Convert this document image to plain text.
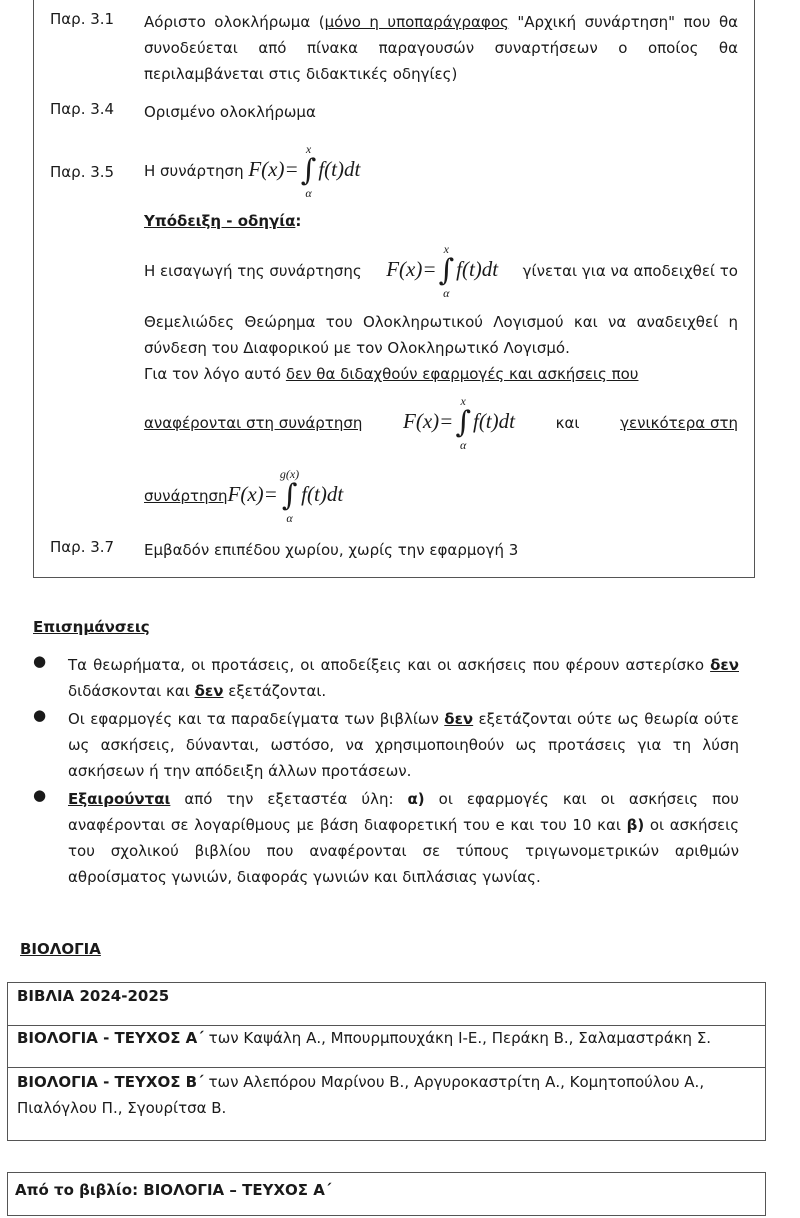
Παρ. 3.1	Αόριστο ολοκλήρωμα (μόνο η υποπαράγραφος "Αρχική συνάρτηση" που θα συνοδεύεται από πίνακα παραγουσών συναρτήσεων ο οποίος θα περιλαμβάνεται στις διδακτικές οδηγίες)
Παρ. 3.4	Ορισμένο ολοκλήρωμα
Παρ. 3.5	Η συνάρτηση
F(x)=
x
∫
α
f(t)dt
Υπόδειξη - οδηγία:
Η εισαγωγή της συνάρτησης F(x)=
x
∫
α
f(t)dt γίνεται για να αποδειχθεί το
Θεμελιώδες Θεώρημα του Ολοκληρωτικού Λογισμού και να αναδειχθεί η σύνδεση του Διαφορικού με τον Ολοκληρωτικό Λογισμό.
Για τον λόγο αυτό δεν θα διδαχθούν εφαρμογές και ασκήσεις που
αναφέρονται στη συνάρτηση F(x)=
x
∫
α
f(t)dt	και	γενικότερα στη
συνάρτηση F(x)=
g(x)
∫
α
f(t)dt
Παρ. 3.7	Εμβαδόν επιπέδου χωρίου, χωρίς την εφαρμογή 3
Επισημάνσεις
● Τα θεωρήματα, οι προτάσεις, οι αποδείξεις και οι ασκήσεις που φέρουν αστερίσκο δεν διδάσκονται και δεν εξετάζονται.
● Οι εφαρμογές και τα παραδείγματα των βιβλίων δεν εξετάζονται ούτε ως θεωρία ούτε ως ασκήσεις, δύνανται, ωστόσο, να χρησιμοποιηθούν ως προτάσεις για τη λύση ασκήσεων ή την απόδειξη άλλων προτάσεων.
● Εξαιρούνται από την εξεταστέα ύλη: α) οι εφαρμογές και οι ασκήσεις που αναφέρονται σε λογαρίθμους με βάση διαφορετική του e και του 10 και β) οι ασκήσεις του σχολικού βιβλίου που αναφέρονται σε τύπους τριγωνομετρικών αριθμών αθροίσματος γωνιών, διαφοράς γωνιών και διπλάσιας γωνίας.
ΒΙΟΛΟΓΙΑ
ΒΙΒΛΙΑ 2024-2025
ΒΙΟΛΟΓΙΑ - ΤΕΥΧΟΣ Α΄ των Καψάλη Α., Μπουρμπουχάκη Ι-Ε., Περάκη Β., Σαλαμαστράκη Σ.
ΒΙΟΛΟΓΙΑ - ΤΕΥΧΟΣ Β΄ των Αλεπόρου Μαρίνου Β., Αργυροκαστρίτη Α., Κομητοπούλου Α., Πιαλόγλου Π., Σγουρίτσα Β.
Από το βιβλίο: ΒΙΟΛΟΓΙΑ – ΤΕΥΧΟΣ Α΄
